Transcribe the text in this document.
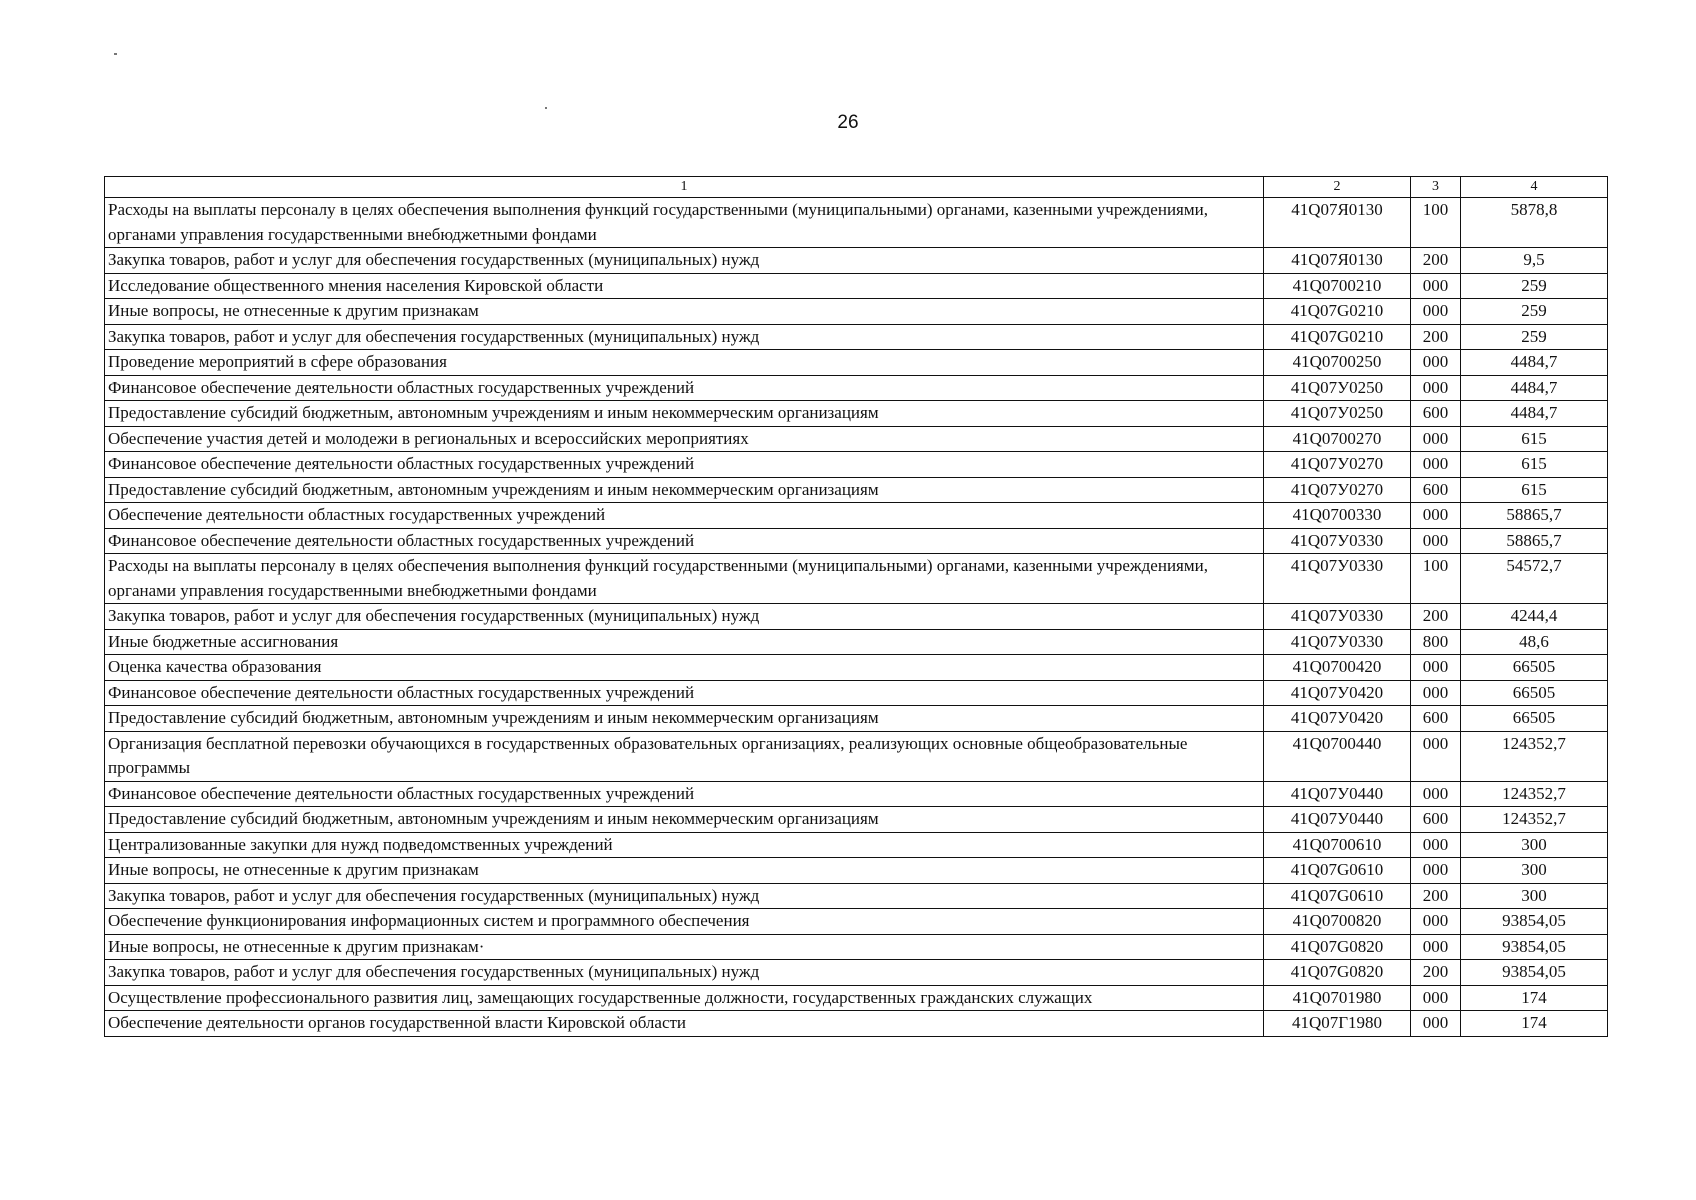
26
1	2	3	4
Расходы на выплаты персоналу в целях обеспечения выполнения функций государственными (муниципальными) органами, казенными учреждениями, органами управления государственными внебюджетными фондами	41Q07Я0130	100	5878,8
Закупка товаров, работ и услуг для обеспечения государственных (муниципальных) нужд	41Q07Я0130	200	9,5
Исследование общественного мнения населения Кировской области	41Q0700210	000	259
Иные вопросы, не отнесенные к другим признакам	41Q07G0210	000	259
Закупка товаров, работ и услуг для обеспечения государственных (муниципальных) нужд	41Q07G0210	200	259
Проведение мероприятий в сфере образования	41Q0700250	000	4484,7
Финансовое обеспечение деятельности областных государственных учреждений	41Q07У0250	000	4484,7
Предоставление субсидий бюджетным, автономным учреждениям и иным некоммерческим организациям	41Q07У0250	600	4484,7
Обеспечение участия детей и молодежи в региональных и всероссийских мероприятиях	41Q0700270	000	615
Финансовое обеспечение деятельности областных государственных учреждений	41Q07У0270	000	615
Предоставление субсидий бюджетным, автономным учреждениям и иным некоммерческим организациям	41Q07У0270	600	615
Обеспечение деятельности областных государственных учреждений	41Q0700330	000	58865,7
Финансовое обеспечение деятельности областных государственных учреждений	41Q07У0330	000	58865,7
Расходы на выплаты персоналу в целях обеспечения выполнения функций государственными (муниципальными) органами, казенными учреждениями, органами управления государственными внебюджетными фондами	41Q07У0330	100	54572,7
Закупка товаров, работ и услуг для обеспечения государственных (муниципальных) нужд	41Q07У0330	200	4244,4
Иные бюджетные ассигнования	41Q07У0330	800	48,6
Оценка качества образования	41Q0700420	000	66505
Финансовое обеспечение деятельности областных государственных учреждений	41Q07У0420	000	66505
Предоставление субсидий бюджетным, автономным учреждениям и иным некоммерческим организациям	41Q07У0420	600	66505
Организация бесплатной перевозки обучающихся в государственных образовательных организациях, реализующих основные общеобразовательные программы	41Q0700440	000	124352,7
Финансовое обеспечение деятельности областных государственных учреждений	41Q07У0440	000	124352,7
Предоставление субсидий бюджетным, автономным учреждениям и иным некоммерческим организациям	41Q07У0440	600	124352,7
Централизованные закупки для нужд подведомственных учреждений	41Q0700610	000	300
Иные вопросы, не отнесенные к другим признакам	41Q07G0610	000	300
Закупка товаров, работ и услуг для обеспечения государственных (муниципальных) нужд	41Q07G0610	200	300
Обеспечение функционирования информационных систем и программного обеспечения	41Q0700820	000	93854,05
Иные вопросы, не отнесенные к другим признакам·	41Q07G0820	000	93854,05
Закупка товаров, работ и услуг для обеспечения государственных (муниципальных) нужд	41Q07G0820	200	93854,05
Осуществление профессионального развития лиц, замещающих государственные должности, государственных гражданских служащих	41Q0701980	000	174
Обеспечение деятельности органов государственной власти Кировской области	41Q07Г1980	000	174
